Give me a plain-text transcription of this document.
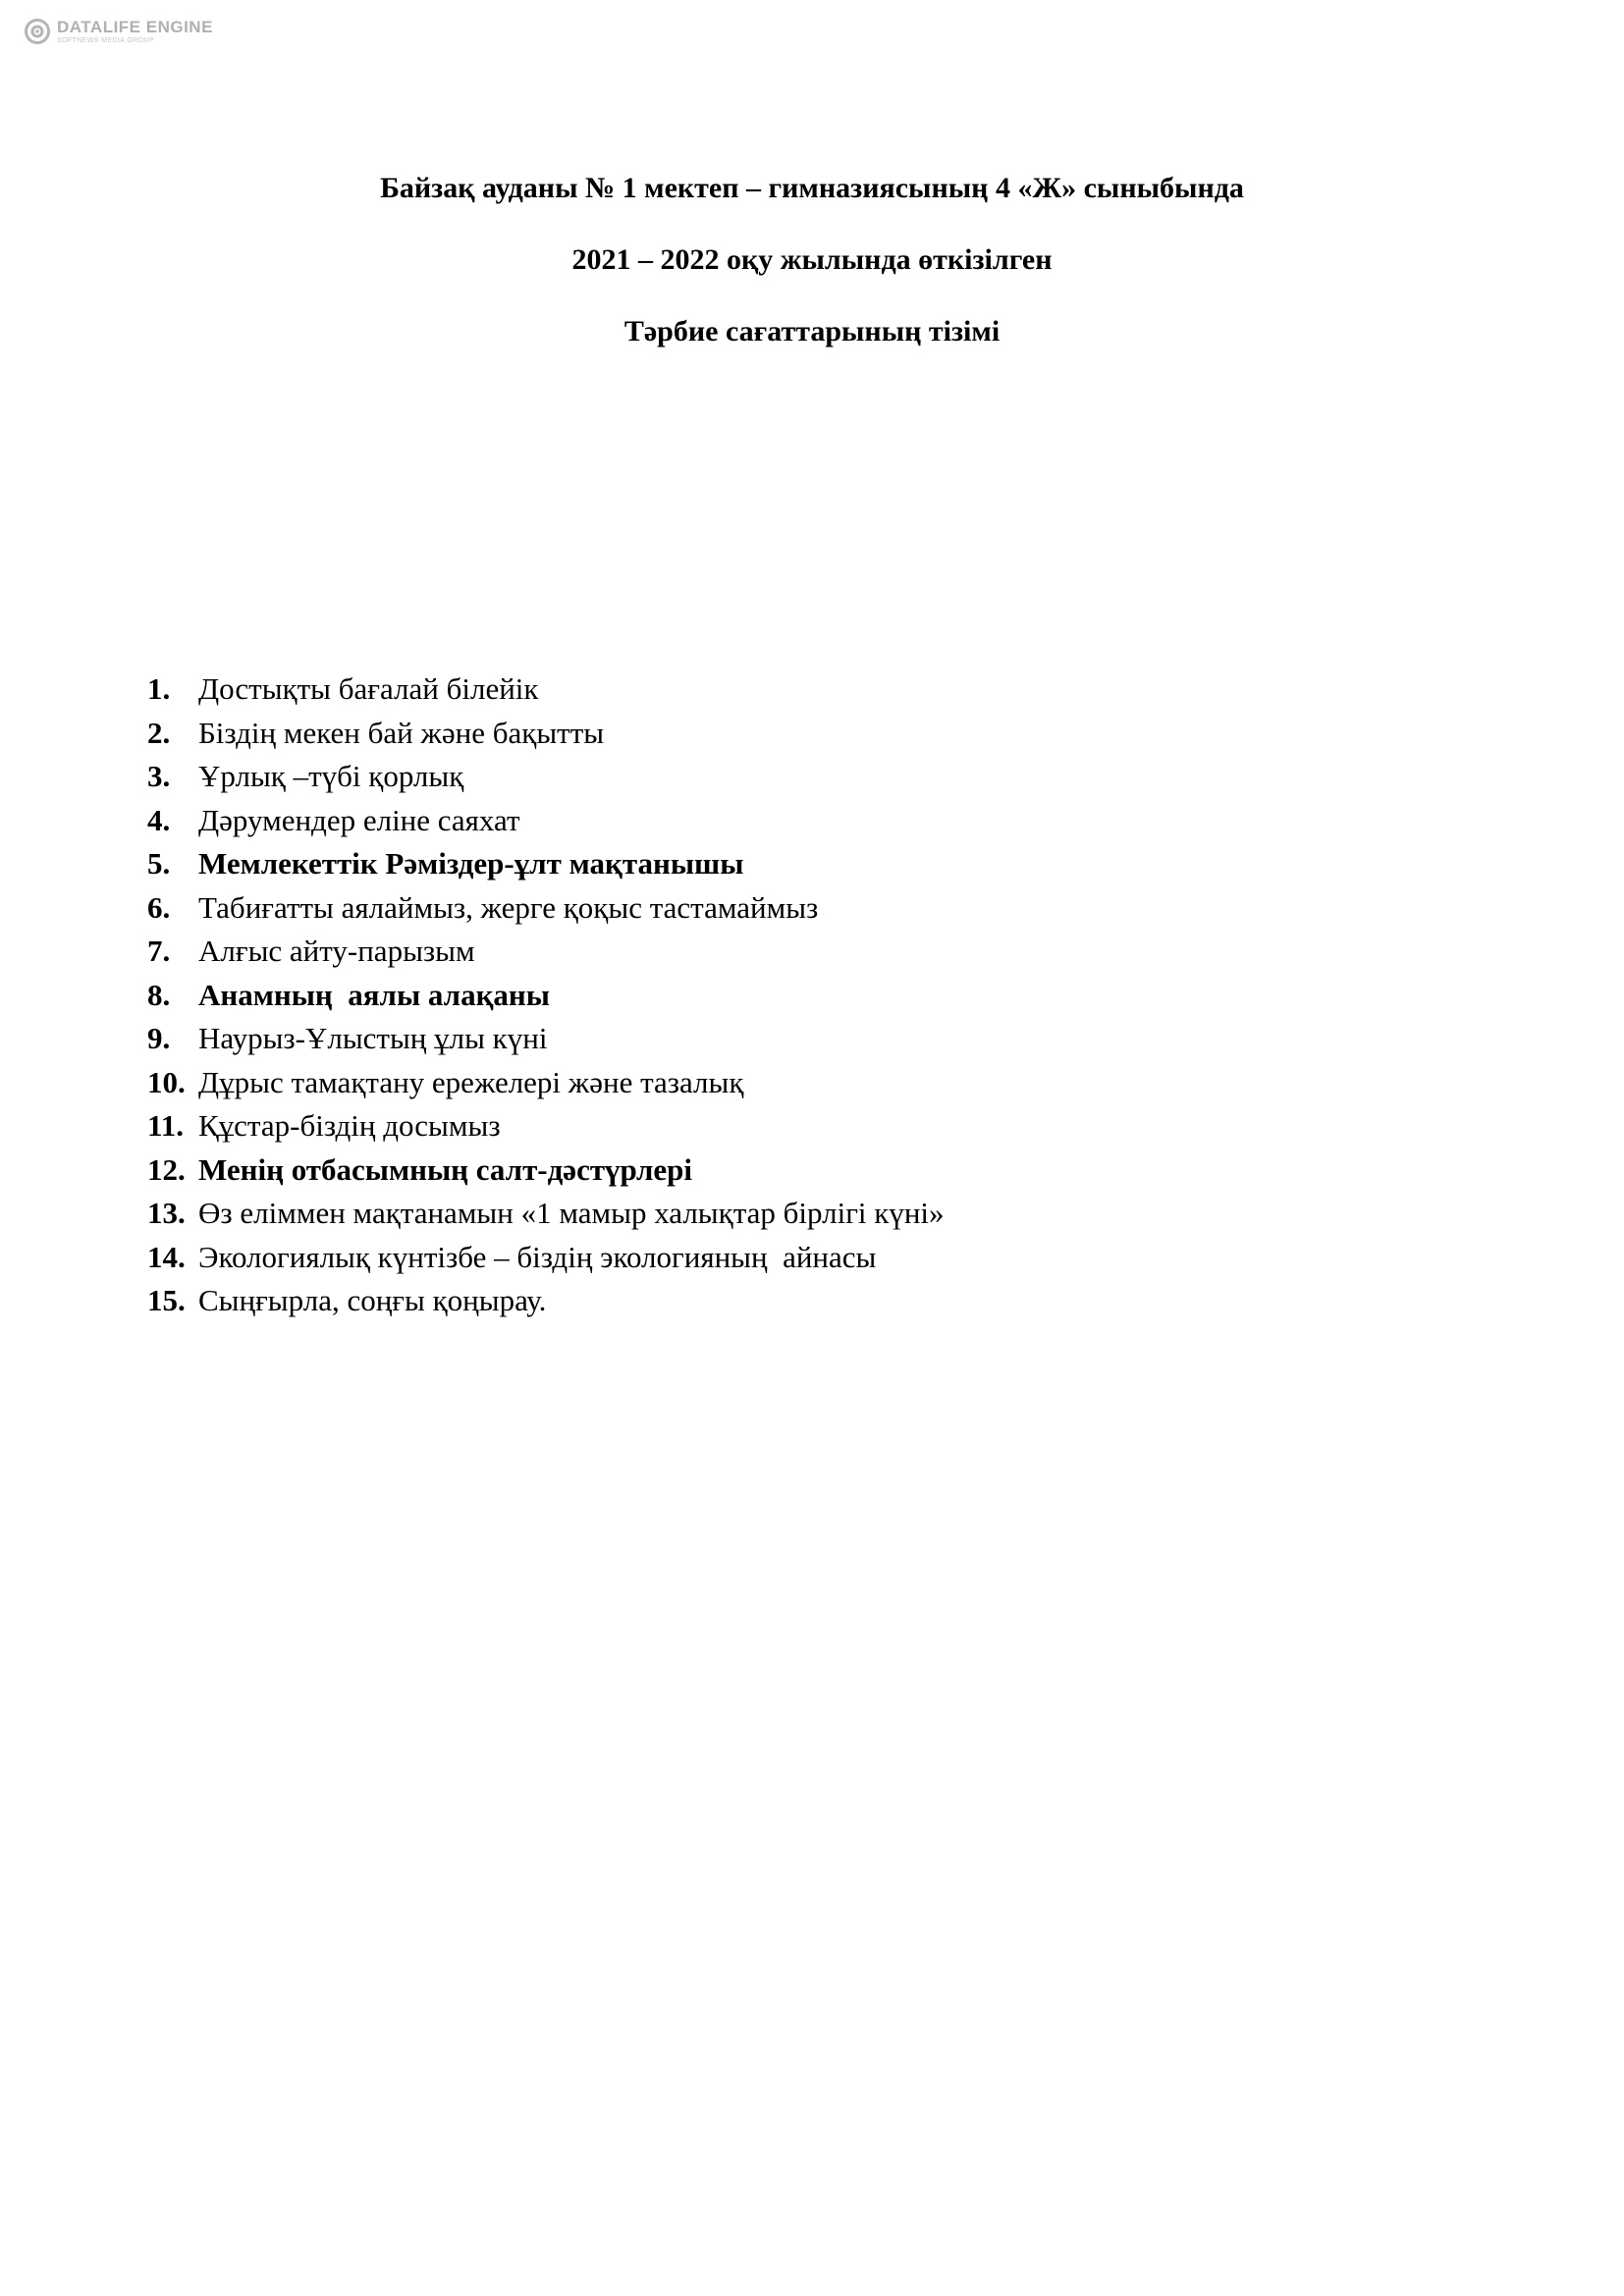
DATALIFE ENGINE
SOFTNEWS MEDIA GROUP
Байзақ ауданы № 1 мектеп – гимназиясының 4 «Ж» сыныбында
2021 – 2022 оқу жылында өткізілген
Тәрбие сағаттарының тізімі
1. Достықты бағалай білейік
2. Біздің мекен бай және бақытты
3. Ұрлық –түбі қорлық
4. Дәрумендер еліне саяхат
5. Мемлекеттік Рәміздер-ұлт мақтанышы
6. Табиғатты аялаймыз, жерге қоқыс тастамаймыз
7. Алғыс айту-парызым
8. Анамның  аялы алақаны
9. Наурыз-Ұлыстың ұлы күні
10. Дұрыс тамақтану ережелері және тазалық
11. Құстар-біздің досымыз
12. Менің отбасымның салт-дәстүрлері
13. Өз еліммен мақтанамын «1 мамыр халықтар бірлігі күні»
14. Экологиялық күнтізбе – біздің экологияның  айнасы
15. Сыңғырла, соңғы қоңырау.
